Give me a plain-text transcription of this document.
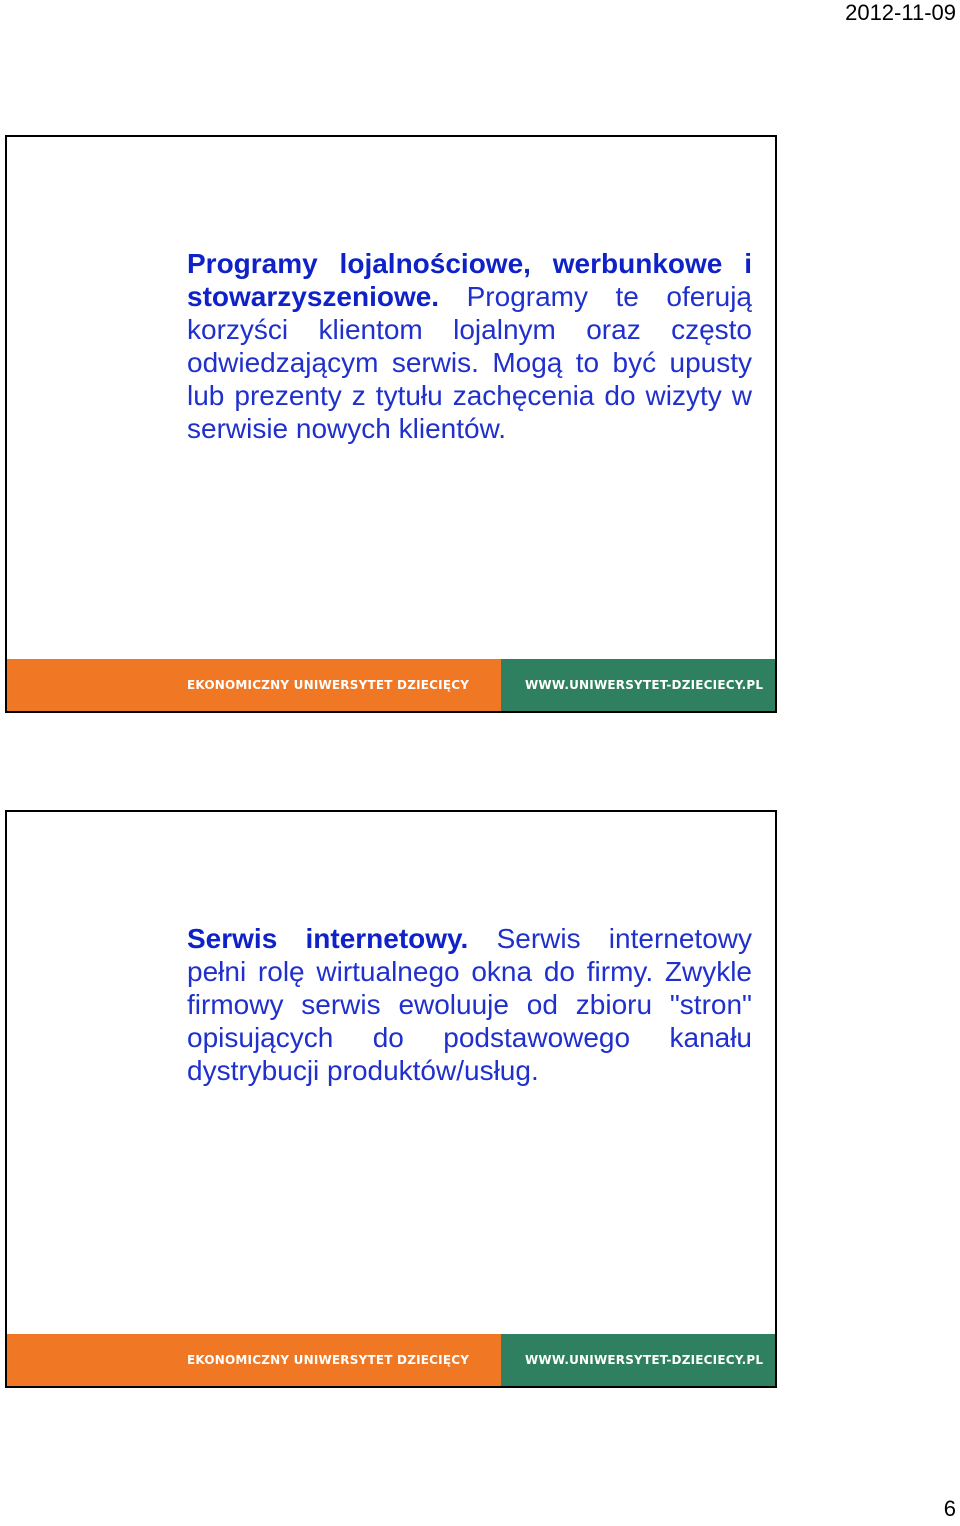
2012-11-09
Programy lojalnościowe, werbunkowe i stowarzyszeniowe. Programy te oferują korzyści klientom lojalnym oraz często odwiedzającym serwis. Mogą to być upusty lub prezenty z tytułu zachęcenia do wizyty w serwisie nowych klientów.
EKONOMICZNY UNIWERSYTET DZIECIĘCY	WWW.UNIWERSYTET-DZIECIECY.PL
Serwis internetowy. Serwis internetowy pełni rolę wirtualnego okna do firmy. Zwykle firmowy serwis ewoluuje od zbioru "stron" opisujących do podstawowego kanału dystrybucji produktów/usług.
EKONOMICZNY UNIWERSYTET DZIECIĘCY	WWW.UNIWERSYTET-DZIECIECY.PL
6
